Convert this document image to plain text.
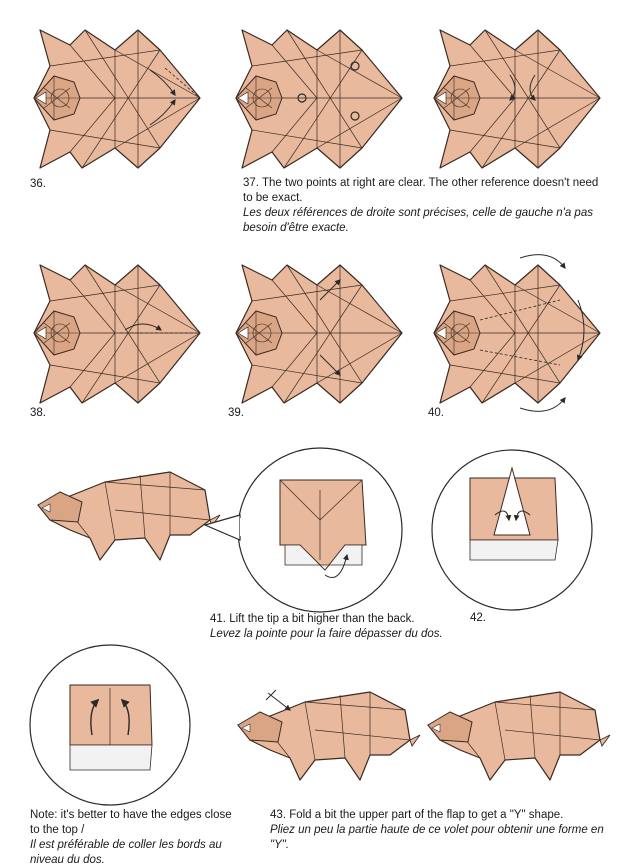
36.	37. The two points at right are clear. The other reference doesn't need to be exact.
Les deux références de droite sont précises, celle de gauche n'a pas besoin d'être exacte.
38.	39.	40.
41. Lift the tip a bit higher than the back.
Levez la pointe pour la faire dépasser du dos.
42.
Note: it's better to have the edges close to the top /
Il est préférable de coller les bords au niveau du dos.
43. Fold a bit the upper part of the flap to get a "Y" shape.
Pliez un peu la partie haute de ce volet pour obtenir une forme en "Y".
